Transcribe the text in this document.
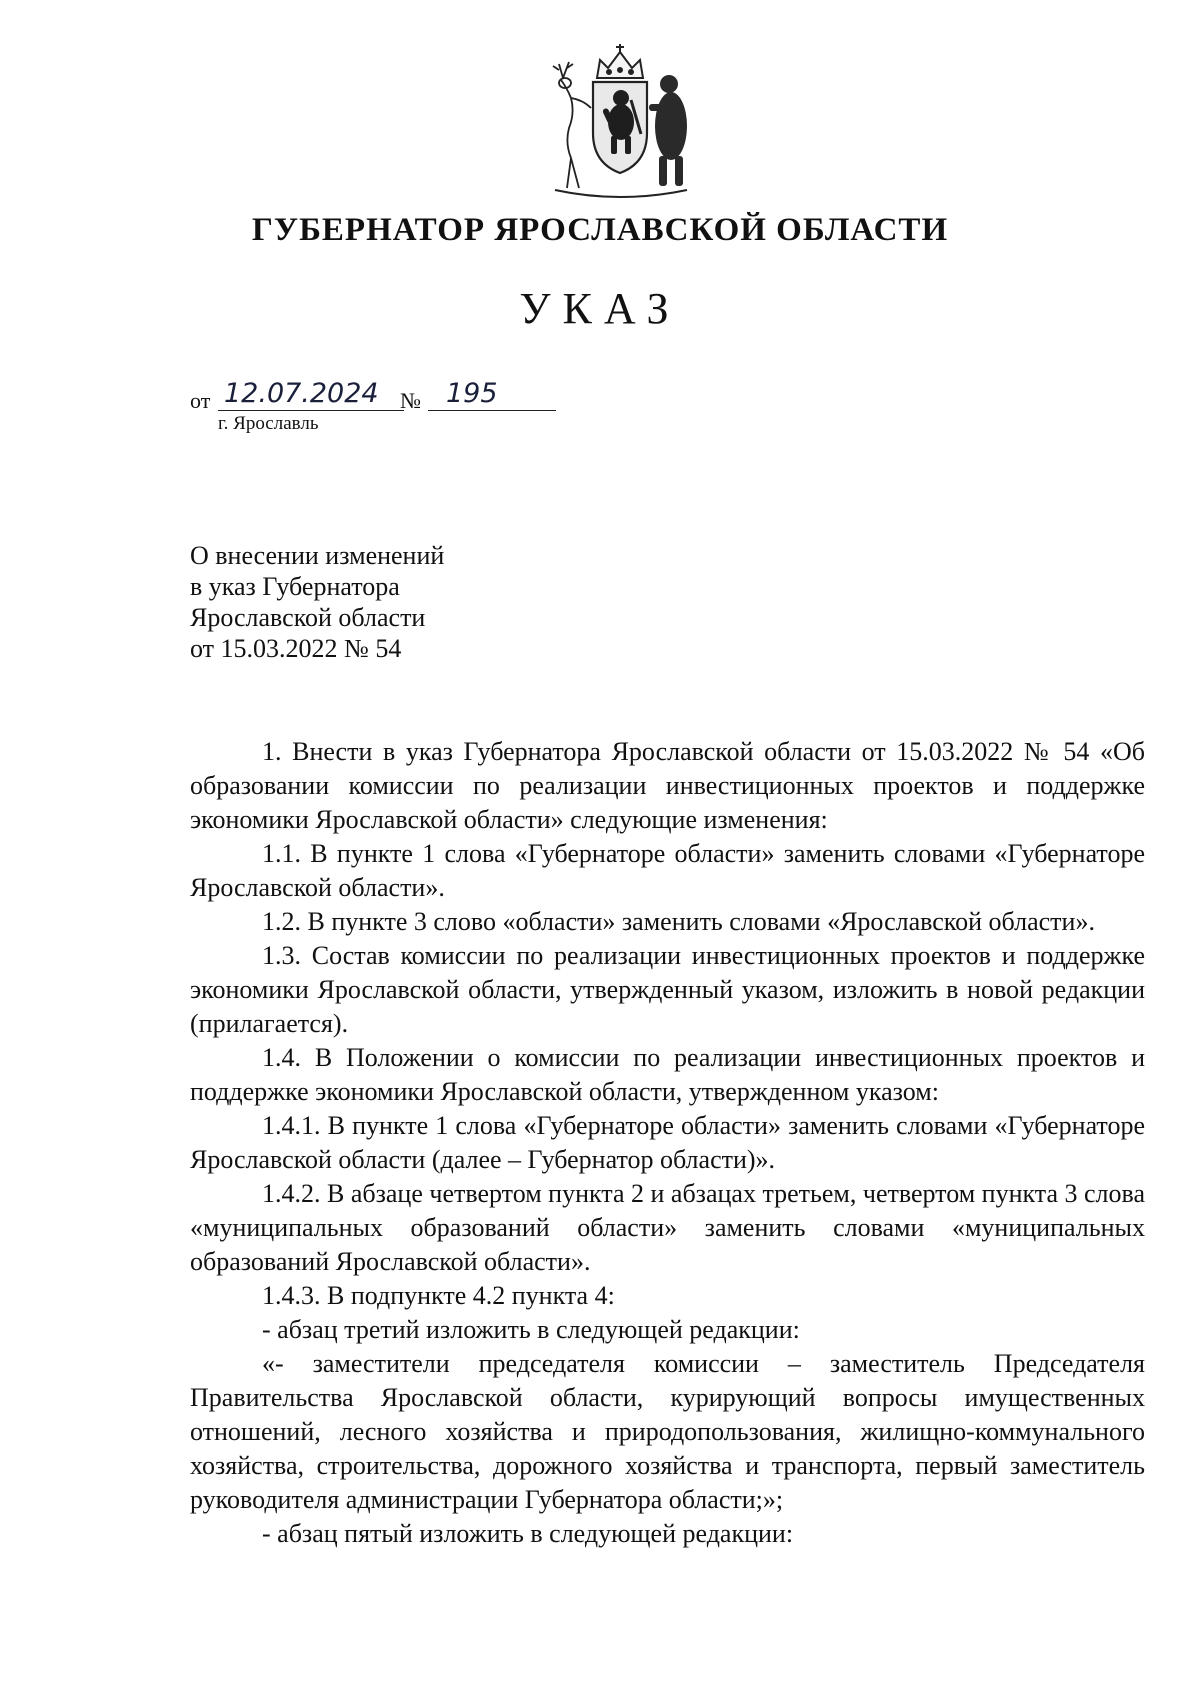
ГУБЕРНАТОР ЯРОСЛАВСКОЙ ОБЛАСТИ
УКАЗ
от 12.07.2024 № 195
г. Ярославль
О внесении изменений
в указ Губернатора
Ярославской области
от 15.03.2022 № 54

1. Внести в указ Губернатора Ярославской области от 15.03.2022 № 54 «Об образовании комиссии по реализации инвестиционных проектов и поддержке экономики Ярославской области» следующие изменения:

1.1. В пункте 1 слова «Губернаторе области» заменить словами «Губернаторе Ярославской области».

1.2. В пункте 3 слово «области» заменить словами «Ярославской области».

1.3. Состав комиссии по реализации инвестиционных проектов и поддержке экономики Ярославской области, утвержденный указом, изложить в новой редакции (прилагается).

1.4. В Положении о комиссии по реализации инвестиционных проектов и поддержке экономики Ярославской области, утвержденном указом:

1.4.1. В пункте 1 слова «Губернаторе области» заменить словами «Губернаторе Ярославской области (далее – Губернатор области)».

1.4.2. В абзаце четвертом пункта 2 и абзацах третьем, четвертом пункта 3 слова «муниципальных образований области» заменить словами «муниципальных образований Ярославской области».

1.4.3. В подпункте 4.2 пункта 4:

- абзац третий изложить в следующей редакции:

«- заместители председателя комиссии – заместитель Председателя Правительства Ярославской области, курирующий вопросы имущественных отношений, лесного хозяйства и природопользования, жилищно-коммунального хозяйства, строительства, дорожного хозяйства и транспорта, первый заместитель руководителя администрации Губернатора области;»;

- абзац пятый изложить в следующей редакции:
